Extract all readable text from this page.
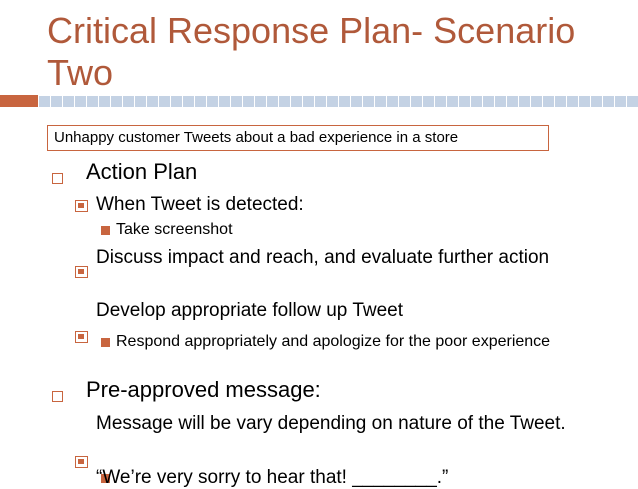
Critical Response Plan- Scenario Two
Unhappy customer Tweets about a bad experience in a store
Action Plan
When Tweet is detected:
Take screenshot
Discuss impact and reach, and evaluate further action
Develop appropriate follow up Tweet
Respond appropriately and apologize for the poor experience
Pre-approved message:
Message will be vary depending on nature of the Tweet.
“We’re very sorry to hear that! ________.”
